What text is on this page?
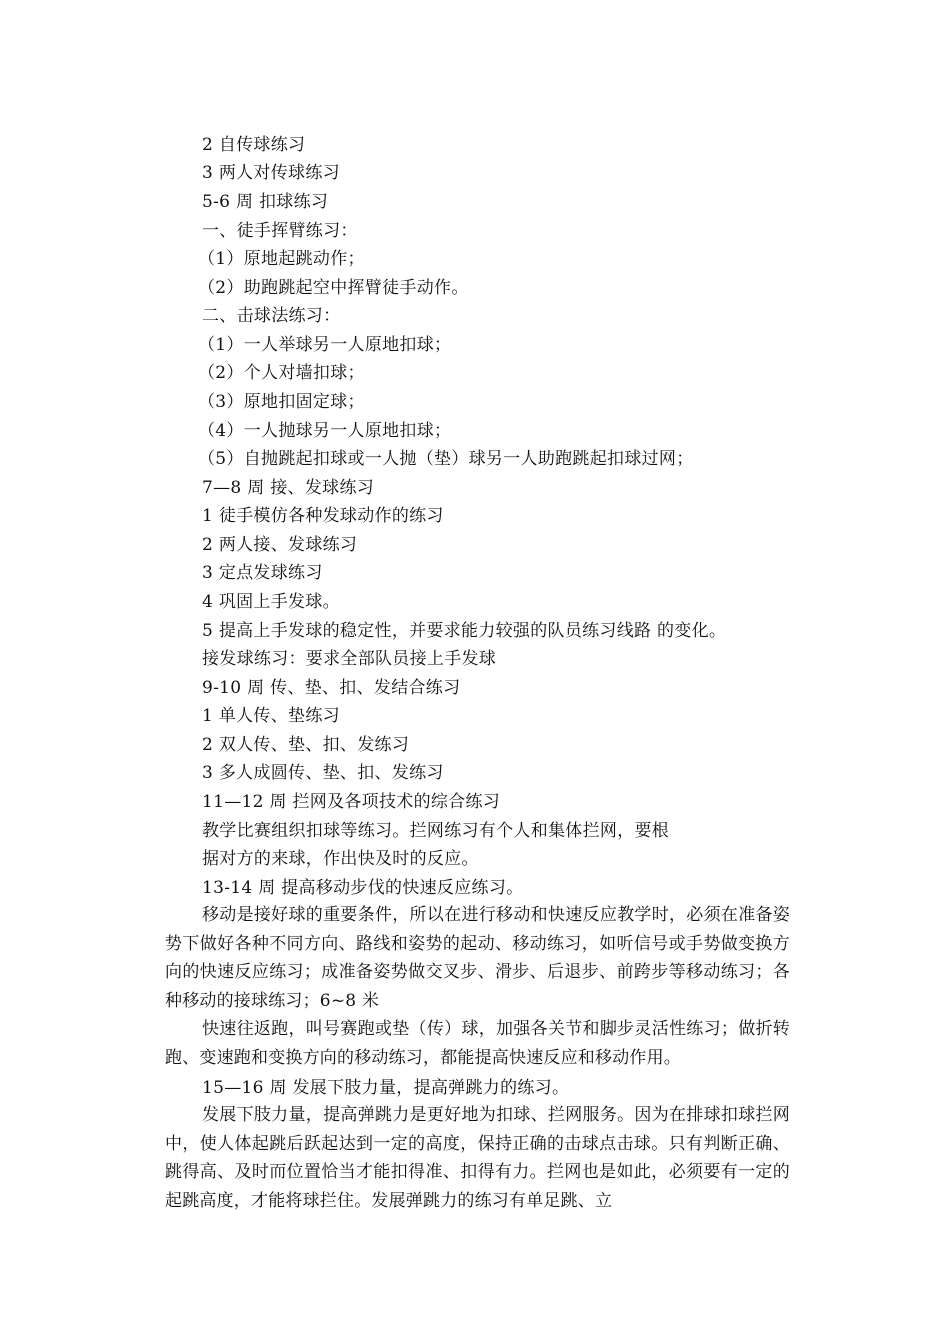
2 自传球练习
3 两人对传球练习
5-6 周 扣球练习
一、徒手挥臂练习：
（1）原地起跳动作；
（2）助跑跳起空中挥臂徒手动作。
二、击球法练习：
（1）一人举球另一人原地扣球；
（2）个人对墙扣球；
（3）原地扣固定球；
（4）一人抛球另一人原地扣球；
（5）自抛跳起扣球或一人抛（垫）球另一人助跑跳起扣球过网；
7—8 周 接、发球练习
1 徒手模仿各种发球动作的练习
2 两人接、发球练习
3 定点发球练习
4 巩固上手发球。
5 提高上手发球的稳定性，并要求能力较强的队员练习线路 的变化。
接发球练习：要求全部队员接上手发球
9-10 周 传、垫、扣、发结合练习
1 单人传、垫练习
2 双人传、垫、扣、发练习
3 多人成圆传、垫、扣、发练习
11—12 周 拦网及各项技术的综合练习
教学比赛组织扣球等练习。拦网练习有个人和集体拦网，要根
据对方的来球，作出快及时的反应。
13-14 周 提高移动步伐的快速反应练习。
移动是接好球的重要条件，所以在进行移动和快速反应教学时，必须在准备姿势下做好各种不同方向、路线和姿势的起动、移动练习，如听信号或手势做变换方向的快速反应练习；成准备姿势做交叉步、滑步、后退步、前跨步等移动练习；各种移动的接球练习；6~8 米
快速往返跑，叫号赛跑或垫（传）球，加强各关节和脚步灵活性练习；做折转跑、变速跑和变换方向的移动练习，都能提高快速反应和移动作用。
15—16 周 发展下肢力量，提高弹跳力的练习。
发展下肢力量，提高弹跳力是更好地为扣球、拦网服务。因为在排球扣球拦网中，使人体起跳后跃起达到一定的高度，保持正确的击球点击球。只有判断正确、跳得高、及时而位置恰当才能扣得准、扣得有力。拦网也是如此，必须要有一定的起跳高度，才能将球拦住。发展弹跳力的练习有单足跳、立
